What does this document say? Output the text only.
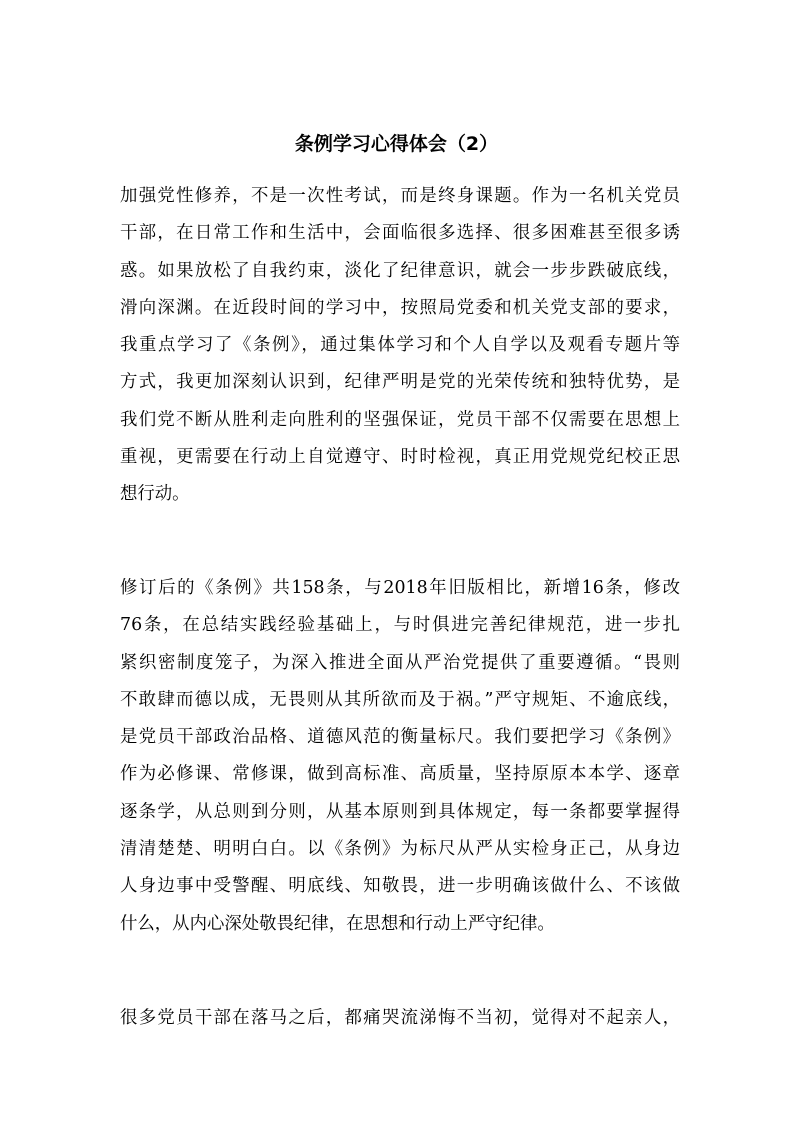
条例学习心得体会（2）
加强党性修养，不是一次性考试，而是终身课题。作为一名机关党员
干部，在日常工作和生活中，会面临很多选择、很多困难甚至很多诱
惑。如果放松了自我约束，淡化了纪律意识，就会一步步跌破底线，
滑向深渊。在近段时间的学习中，按照局党委和机关党支部的要求，
我重点学习了《条例》，通过集体学习和个人自学以及观看专题片等
方式，我更加深刻认识到，纪律严明是党的光荣传统和独特优势，是
我们党不断从胜利走向胜利的坚强保证，党员干部不仅需要在思想上
重视，更需要在行动上自觉遵守、时时检视，真正用党规党纪校正思
想行动。
修订后的《条例》共158条，与2018年旧版相比，新增16条，修改
76条，在总结实践经验基础上，与时俱进完善纪律规范，进一步扎
紧织密制度笼子，为深入推进全面从严治党提供了重要遵循。“畏则
不敢肆而德以成，无畏则从其所欲而及于祸。”严守规矩、不逾底线，
是党员干部政治品格、道德风范的衡量标尺。我们要把学习《条例》
作为必修课、常修课，做到高标准、高质量，坚持原原本本学、逐章
逐条学，从总则到分则，从基本原则到具体规定，每一条都要掌握得
清清楚楚、明明白白。以《条例》为标尺从严从实检身正己，从身边
人身边事中受警醒、明底线、知敬畏，进一步明确该做什么、不该做
什么，从内心深处敬畏纪律，在思想和行动上严守纪律。
很多党员干部在落马之后，都痛哭流涕悔不当初，觉得对不起亲人，
